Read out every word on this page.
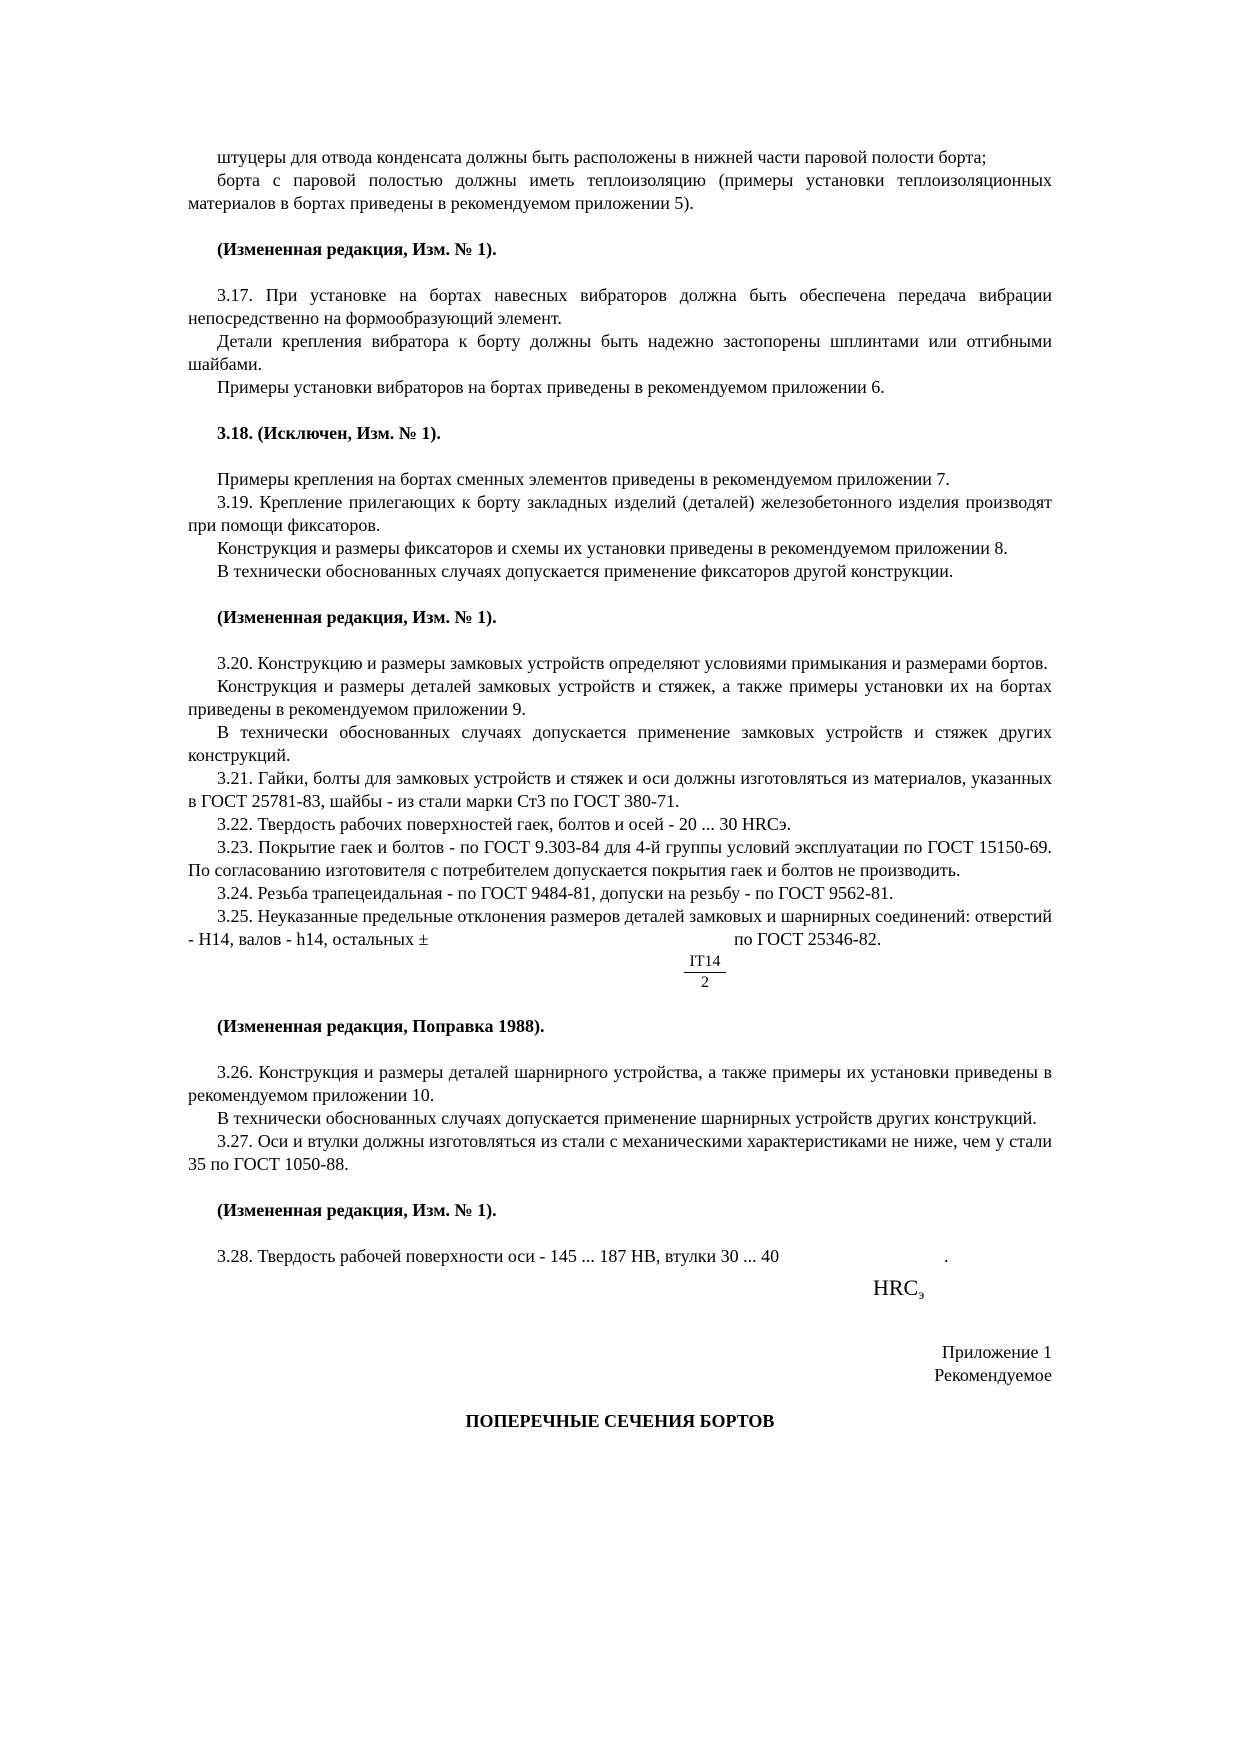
штуцеры для отвода конденсата должны быть расположены в нижней части паровой полости борта;

борта с паровой полостью должны иметь теплоизоляцию (примеры установки теплоизоляционных материалов в бортах приведены в рекомендуемом приложении 5).

(Измененная редакция, Изм. № 1).

3.17. При установке на бортах навесных вибраторов должна быть обеспечена передача вибрации непосредственно на формообразующий элемент.

Детали крепления вибратора к борту должны быть надежно застопорены шплинтами или отгибными шайбами.

Примеры установки вибраторов на бортах приведены в рекомендуемом приложении 6.

3.18. (Исключен, Изм. № 1).

Примеры крепления на бортах сменных элементов приведены в рекомендуемом приложении 7.

3.19. Крепление прилегающих к борту закладных изделий (деталей) железобетонного изделия производят при помощи фиксаторов.

Конструкция и размеры фиксаторов и схемы их установки приведены в рекомендуемом приложении 8.

В технически обоснованных случаях допускается применение фиксаторов другой конструкции.

(Измененная редакция, Изм. № 1).

3.20. Конструкцию и размеры замковых устройств определяют условиями примыкания и размерами бортов.

Конструкция и размеры деталей замковых устройств и стяжек, а также примеры установки их на бортах приведены в рекомендуемом приложении 9.

В технически обоснованных случаях допускается применение замковых устройств и стяжек других конструкций.

3.21. Гайки, болты для замковых устройств и стяжек и оси должны изготовляться из материалов, указанных в ГОСТ 25781-83, шайбы - из стали марки Ст3 по ГОСТ 380-71.

3.22. Твердость рабочих поверхностей гаек, болтов и осей - 20 ... 30 HRCэ.

3.23. Покрытие гаек и болтов - по ГОСТ 9.303-84 для 4-й группы условий эксплуатации по ГОСТ 15150-69. По согласованию изготовителя с потребителем допускается покрытия гаек и болтов не производить.

3.24. Резьба трапецеидальная - по ГОСТ 9484-81, допуски на резьбу - по ГОСТ 9562-81.

3.25. Неуказанные предельные отклонения размеров деталей замковых и шарнирных соединений: отверстий - H14, валов - h14, остальных ±	по ГОСТ 25346-82.
IT14
2

(Измененная редакция, Поправка 1988).

3.26. Конструкция и размеры деталей шарнирного устройства, а также примеры их установки приведены в рекомендуемом приложении 10.

В технически обоснованных случаях допускается применение шарнирных устройств других конструкций.

3.27. Оси и втулки должны изготовляться из стали с механическими характеристиками не ниже, чем у стали 35 по ГОСТ 1050-88.

(Измененная редакция, Изм. № 1).

3.28. Твердость рабочей поверхности оси - 145 ... 187 НВ, втулки 30 ... 40	.
$HRC_э$

Приложение 1

Рекомендуемое

ПОПЕРЕЧНЫЕ СЕЧЕНИЯ БОРТОВ
